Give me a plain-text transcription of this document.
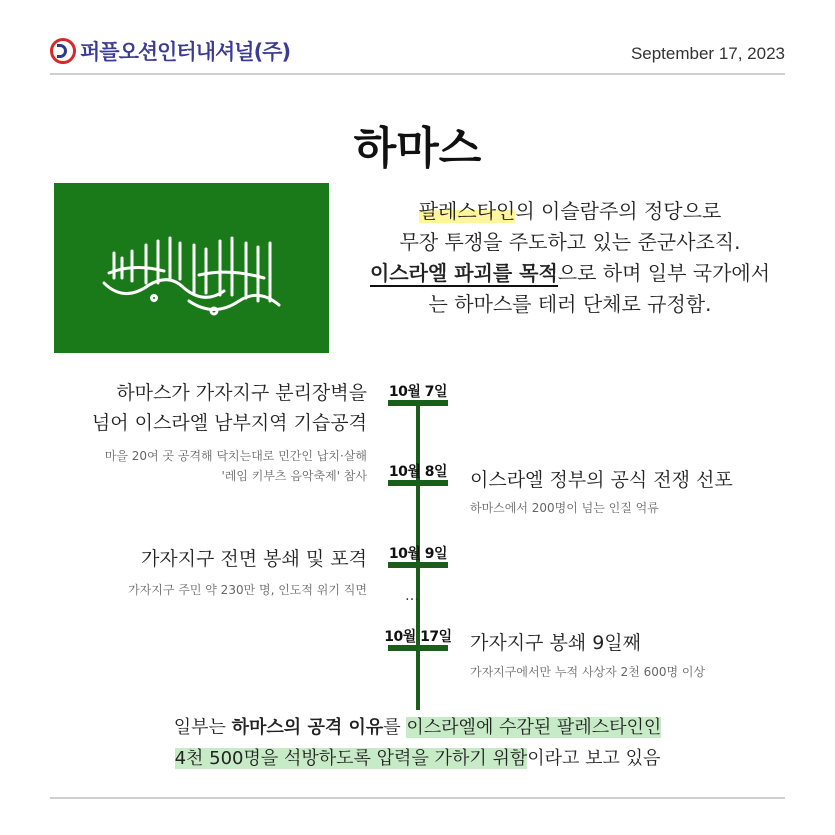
퍼플오션인터내셔널(주)	September 17, 2023
하마스
팔레스타인의 이슬람주의 정당으로
무장 투쟁을 주도하고 있는 준군사조직.
이스라엘 파괴를 목적으로 하며 일부 국가에서
는 하마스를 테러 단체로 규정함.
10월 7일
하마스가 가자지구 분리장벽을
넘어 이스라엘 남부지역 기습공격
마을 20여 곳 공격해 닥치는대로 민간인 납치·살해
'레임 키부츠 음악축제' 참사 10월 8일 이스라엘 정부의 공식 전쟁 선포
하마스에서 200명이 넘는 인질 억류
10월 9일
가자지구 전면 봉쇄 및 포격
가자지구 주민 약 230만 명, 인도적 위기 직면	…
10월 17일 가자지구 봉쇄 9일째
가자지구에서만 누적 사상자 2천 600명 이상
일부는 하마스의 공격 이유를 이스라엘에 수감된 팔레스타인인
4천 500명을 석방하도록 압력을 가하기 위함이라고 보고 있음
